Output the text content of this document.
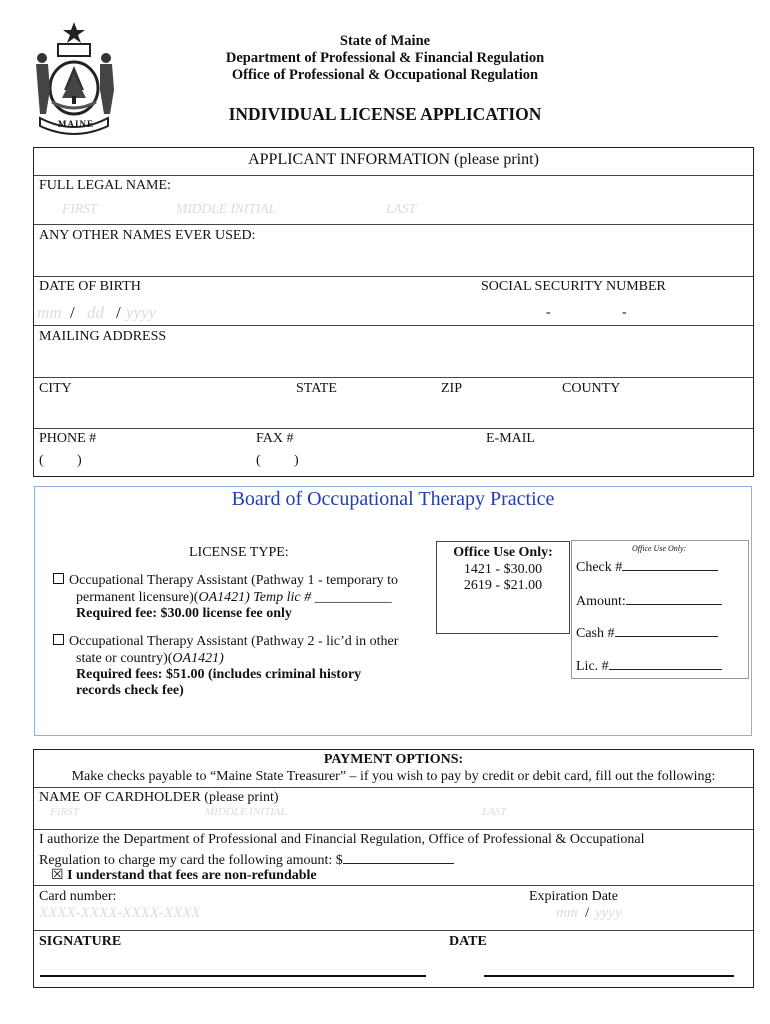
MAINE
State of Maine
Department of Professional & Financial Regulation
Office of Professional & Occupational Regulation
INDIVIDUAL LICENSE APPLICATION
APPLICANT INFORMATION (please print)
FULL LEGAL NAME:
FIRST	MIDDLE INITIAL	LAST
ANY OTHER NAMES EVER USED:
DATE OF BIRTH	SOCIAL SECURITY NUMBER
mm / dd / yyyy	-	-
MAILING ADDRESS
CITY	STATE	ZIP	COUNTY
PHONE #	FAX #	E-MAIL
( )	( )
Board of Occupational Therapy Practice
LICENSE TYPE:
Occupational Therapy Assistant (Pathway 1 - temporary to
permanent licensure)(OA1421) Temp lic # ___________
Required fee: $30.00 license fee only
Occupational Therapy Assistant (Pathway 2 - lic’d in other
state or country)(OA1421)
Required fees: $51.00 (includes criminal history
records check fee)
Office Use Only:
1421 - $30.00
2619 - $21.00
Office Use Only:
Check #
Amount:
Cash #
Lic. #
PAYMENT OPTIONS:
Make checks payable to “Maine State Treasurer” – if you wish to pay by credit or debit card, fill out the following:
NAME OF CARDHOLDER (please print)
FIRST	MIDDLE INITIAL	LAST
I authorize the Department of Professional and Financial Regulation, Office of Professional & Occupational
Regulation to charge my card the following amount: $
☒ I understand that fees are non-refundable
Card number:	Expiration Date
XXXX-XXXX-XXXX-XXXX	mm / yyyy
SIGNATURE	DATE
